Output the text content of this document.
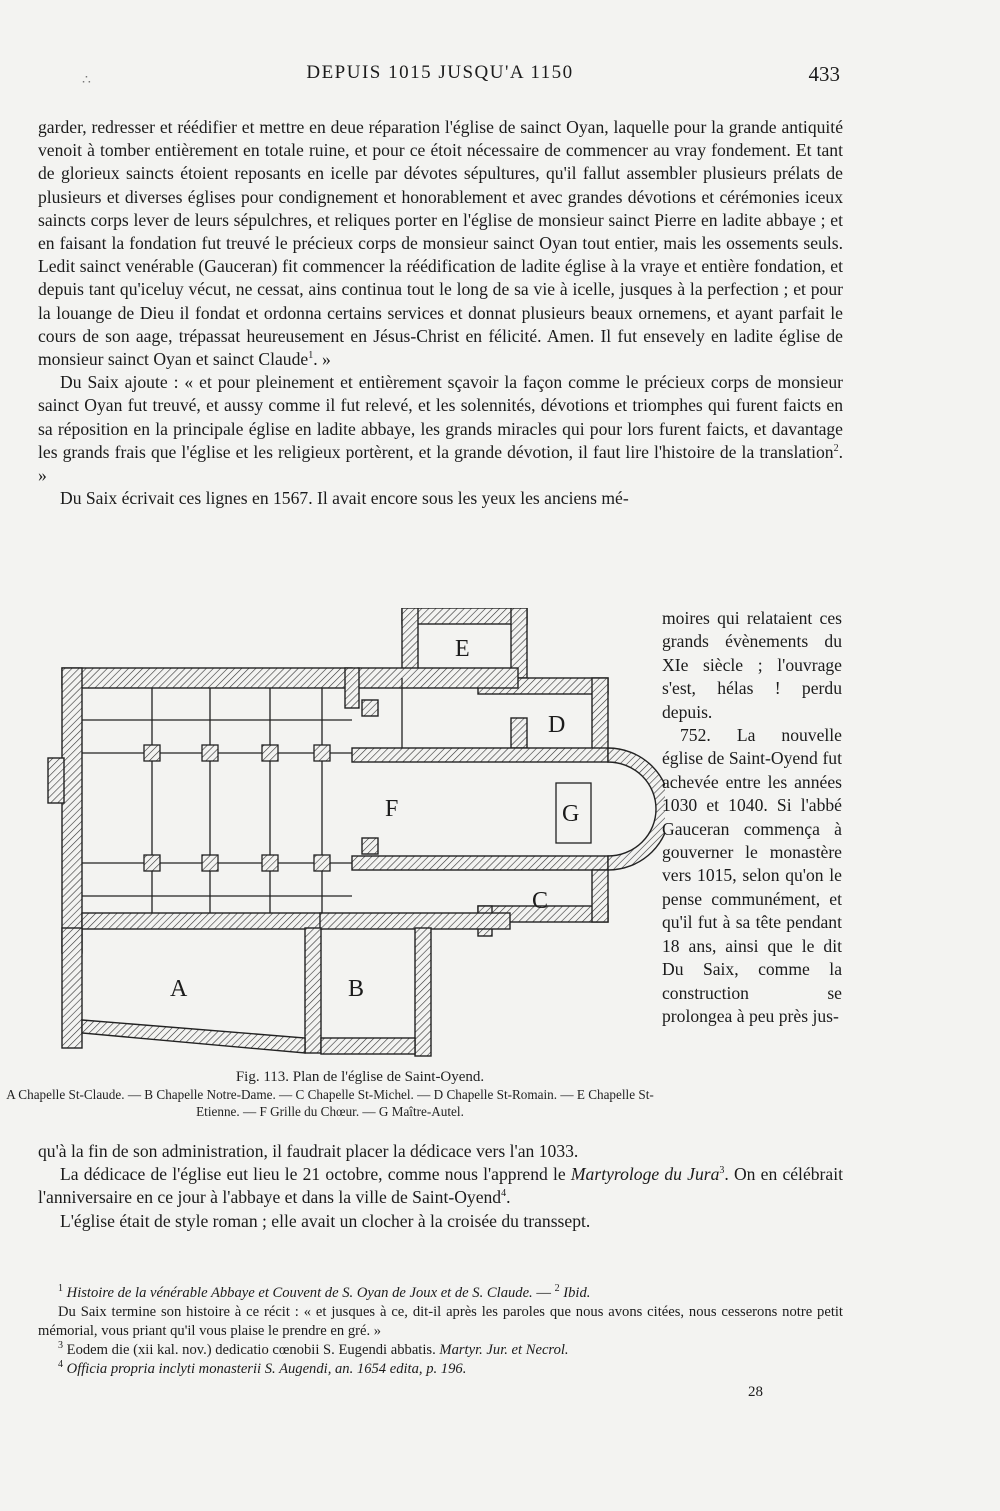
∴	DEPUIS 1015 JUSQU'A 1150	433

garder, redresser et réédifier et mettre en deue réparation l'église de sainct Oyan, laquelle pour la grande antiquité venoit à tomber entièrement en totale ruine, et pour ce étoit nécessaire de commencer au vray fondement. Et tant de glorieux saincts étoient reposants en icelle par dévotes sépultures, qu'il fallut assembler plusieurs prélats de plusieurs et diverses églises pour condignement et honorablement et avec grandes dévotions et cérémonies iceux saincts corps lever de leurs sépulchres, et reliques porter en l'église de monsieur sainct Pierre en ladite abbaye ; et en faisant la fondation fut treuvé le précieux corps de monsieur sainct Oyan tout entier, mais les ossements seuls. Ledit sainct venérable (Gauceran) fit commencer la réédification de ladite église à la vraye et entière fondation, et depuis tant qu'iceluy vécut, ne cessat, ains continua tout le long de sa vie à icelle, jusques à la perfection ; et pour la louange de Dieu il fondat et ordonna certains services et donnat plusieurs beaux ornemens, et ayant parfait le cours de son aage, trépassat heureusement en Jésus-Christ en félicité. Amen. Il fut ensevely en ladite église de monsieur sainct Oyan et sainct Claude$^1$. »

Du Saix ajoute : « et pour pleinement et entièrement sçavoir la façon comme le précieux corps de monsieur sainct Oyan fut treuvé, et aussy comme il fut relevé, et les solennités, dévotions et triomphes qui furent faicts en sa réposition en la principale église en ladite abbaye, les grands miracles qui pour lors furent faicts, et davantage les grands frais que l'église et les religieux portèrent, et la grande dévotion, il faut lire l'histoire de la translation$^2$. »

Du Saix écrivait ces lignes en 1567. Il avait encore sous les yeux les anciens mé-

A	B
C
D
E
F	G

moires qui relataient ces grands évènements du XIe siècle ; l'ouvrage s'est, hélas ! perdu depuis.

752. La nouvelle église de Saint-Oyend fut achevée entre les années 1030 et 1040. Si l'abbé Gauceran commença à gouverner le monastère vers 1015, selon qu'on le pense communément, et qu'il fut à sa tête pendant 18 ans, ainsi que le dit Du Saix, comme la construction se prolongea à peu près jus-

Fig. 113. Plan de l'église de Saint-Oyend.
A Chapelle St-Claude. — B Chapelle Notre-Dame. — C Chapelle St-Michel. — D Chapelle St-Romain. — E Chapelle St-Etienne. — F Grille du Chœur. — G Maître-Autel.

qu'à la fin de son administration, il faudrait placer la dédicace vers l'an 1033.

La dédicace de l'église eut lieu le 21 octobre, comme nous l'apprend le Martyrologe du Jura$^3$. On en célébrait l'anniversaire en ce jour à l'abbaye et dans la ville de Saint-Oyend$^4$.

L'église était de style roman ; elle avait un clocher à la croisée du transsept.

$^1$ Histoire de la vénérable Abbaye et Couvent de S. Oyan de Joux et de S. Claude. — $^2$ Ibid.

Du Saix termine son histoire à ce récit : « et jusques à ce, dit-il après les paroles que nous avons citées, nous cesserons notre petit mémorial, vous priant qu'il vous plaise le prendre en gré. »

$^3$ Eodem die (xii kal. nov.) dedicatio cœnobii S. Eugendi abbatis. Martyr. Jur. et Necrol.

$^4$ Officia propria inclyti monasterii S. Augendi, an. 1654 edita, p. 196.

28
